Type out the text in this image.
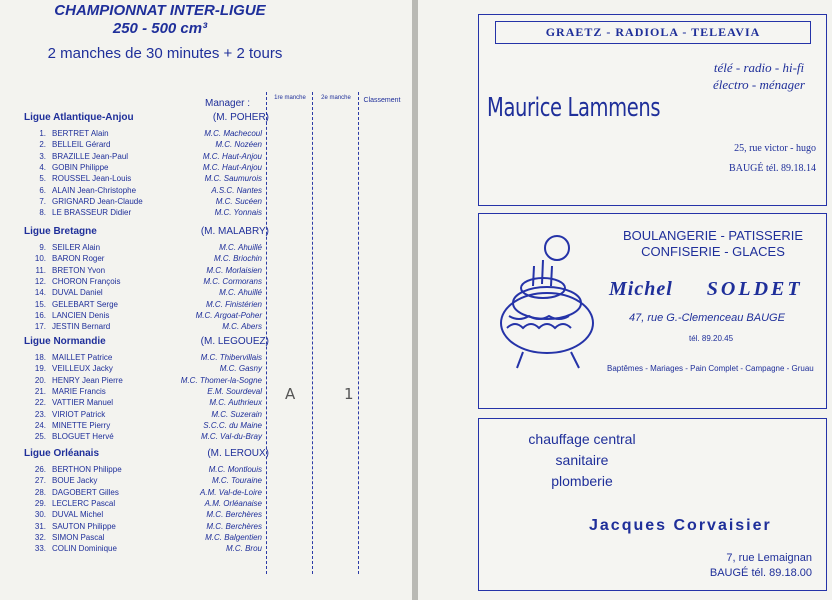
CHAMPIONNAT INTER-LIGUE
250 - 500 cm³
2 manches de 30 minutes + 2 tours
Manager :	1re manche	2e manche	Classement
Ligue Atlantique-Anjou	(M. POHER)
1. BERTRET Alain	M.C. Machecoul
2. BELLEIL Gérard	M.C. Nozéen
3. BRAZILLE Jean-Paul	M.C. Haut-Anjou
4. GOBIN Philippe	M.C. Haut-Anjou
5. ROUSSEL Jean-Louis	M.C. Saumurois
6. ALAIN Jean-Christophe	A.S.C. Nantes
7. GRIGNARD Jean-Claude	M.C. Sucéen
8. LE BRASSEUR Didier	M.C. Yonnais
Ligue Bretagne	(M. MALABRY)
9. SEILER Alain	M.C. Ahuillé
10. BARON Roger	M.C. Briochin
11. BRETON Yvon	M.C. Morlaisien
12. CHORON François	M.C. Cormorans
14. DUVAL Daniel	M.C. Ahuillé
15. GELEBART Serge	M.C. Finistérien
16. LANCIEN Denis	M.C. Argoat-Poher
17. JESTIN Bernard	M.C. Abers
Ligue Normandie	(M. LEGOUEZ)
18. MAILLET Patrice	M.C. Thibervillais
19. VEILLEUX Jacky	M.C. Gasny
20. HENRY Jean Pierre	M.C. Thomer-la-Sogne
21. MARIE Francis	E.M. Sourdeval
22. VATTIER Manuel	M.C. Authrieux
23. VIRIOT Patrick	M.C. Suzerain
24. MINETTE Pierry	S.C.C. du Maine
25. BLOGUET Hervé	M.C. Val-du-Bray
Ligue Orléanais	(M. LEROUX)
26. BERTHON Philippe	M.C. Montlouis
27. BOUE Jacky	M.C. Touraine
28. DAGOBERT Gilles	A.M. Val-de-Loire
29. LECLERC Pascal	A.M. Orléanaise
30. DUVAL Michel	M.C. Berchères
31. SAUTON Philippe	M.C. Berchères
32. SIMON Pascal	M.C. Balgentien
33. COLIN Dominique	M.C. Brou
A 1
GRAETZ - RADIOLA - TELEAVIA
télé - radio - hi-fi
électro - ménager
Maurice Lammens
25, rue victor - hugo
BAUGÉ tél. 89.18.14
BOULANGERIE - PATISSERIE
CONFISERIE - GLACES
Michel SOLDET
47, rue G.-Clemenceau BAUGE
tél. 89.20.45
Baptêmes - Mariages - Pain Complet - Campagne - Gruau
chauffage central
sanitaire
plomberie
Jacques Corvaisier
7, rue Lemaignan
BAUGÉ tél. 89.18.00
